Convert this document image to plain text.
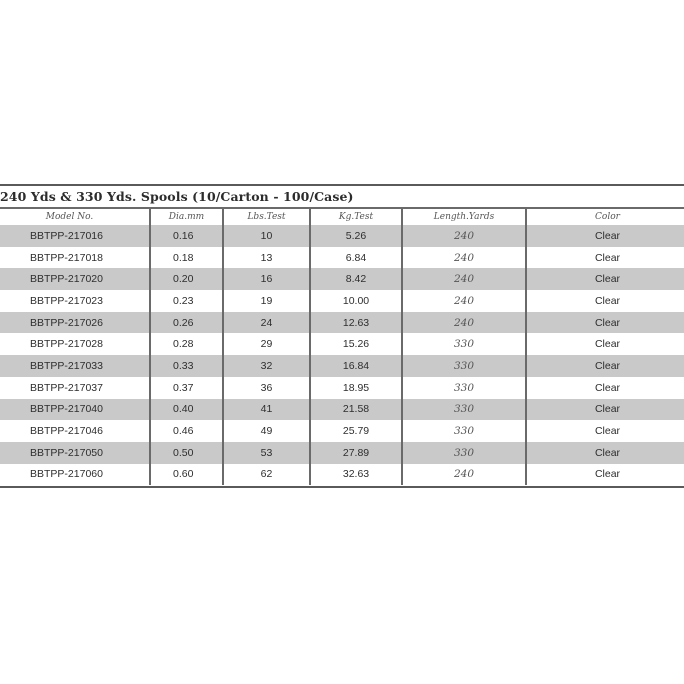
240 Yds & 330 Yds. Spools (10/Carton - 100/Case)
Model No.	Dia.mm	Lbs.Test	Kg.Test	Length.Yards	Color
BBTPP-217016	0.16	10	5.26	240	Clear
BBTPP-217018	0.18	13	6.84	240	Clear
BBTPP-217020	0.20	16	8.42	240	Clear
BBTPP-217023	0.23	19	10.00	240	Clear
BBTPP-217026	0.26	24	12.63	240	Clear
BBTPP-217028	0.28	29	15.26	330	Clear
BBTPP-217033	0.33	32	16.84	330	Clear
BBTPP-217037	0.37	36	18.95	330	Clear
BBTPP-217040	0.40	41	21.58	330	Clear
BBTPP-217046	0.46	49	25.79	330	Clear
BBTPP-217050	0.50	53	27.89	330	Clear
BBTPP-217060	0.60	62	32.63	240	Clear
